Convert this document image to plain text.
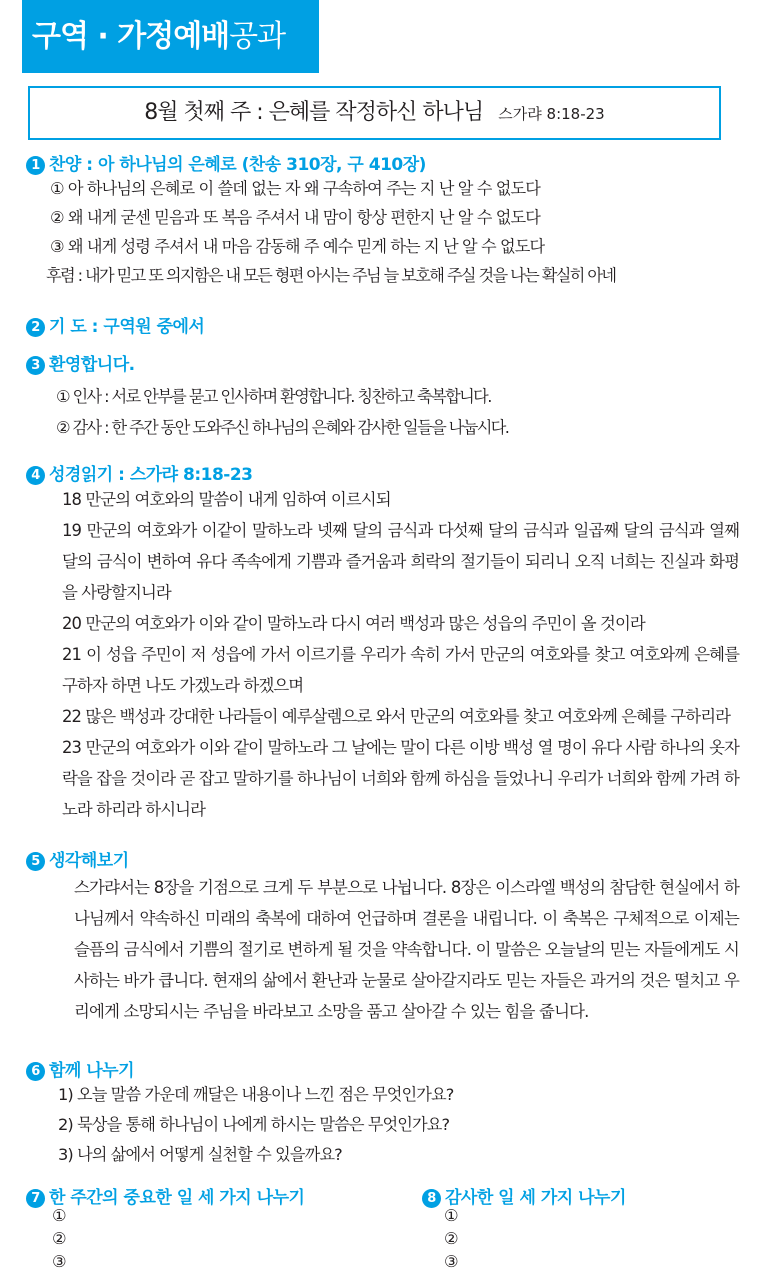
구역 · 가정예배공과
8월 첫째 주 : 은혜를 작정하신 하나님 스가랴 8:18-23
1 찬양 : 아 하나님의 은혜로 (찬송 310장, 구 410장)
① 아 하나님의 은혜로 이 쓸데 없는 자 왜 구속하여 주는 지 난 알 수 없도다
② 왜 내게 굳센 믿음과 또 복음 주셔서 내 맘이 항상 편한지 난 알 수 없도다
③ 왜 내게 성령 주셔서 내 마음 감동해 주 예수 믿게 하는 지 난 알 수 없도다
후렴 : 내가 믿고 또 의지함은 내 모든 형편 아시는 주님 늘 보호해 주실 것을 나는 확실히 아네
2 기 도 : 구역원 중에서
3 환영합니다.
① 인사 : 서로 안부를 묻고 인사하며 환영합니다. 칭찬하고 축복합니다.
② 감사 : 한 주간 동안 도와주신 하나님의 은혜와 감사한 일들을 나눕시다.
4 성경읽기 : 스가랴 8:18-23
18 만군의 여호와의 말씀이 내게 임하여 이르시되
19 만군의 여호와가 이같이 말하노라 넷째 달의 금식과 다섯째 달의 금식과 일곱째 달의 금식과 열째 달의 금식이 변하여 유다 족속에게 기쁨과 즐거움과 희락의 절기들이 되리니 오직 너희는 진실과 화평을 사랑할지니라
20 만군의 여호와가 이와 같이 말하노라 다시 여러 백성과 많은 성읍의 주민이 올 것이라
21 이 성읍 주민이 저 성읍에 가서 이르기를 우리가 속히 가서 만군의 여호와를 찾고 여호와께 은혜를 구하자 하면 나도 가겠노라 하겠으며
22 많은 백성과 강대한 나라들이 예루살렘으로 와서 만군의 여호와를 찾고 여호와께 은혜를 구하리라
23 만군의 여호와가 이와 같이 말하노라 그 날에는 말이 다른 이방 백성 열 명이 유다 사람 하나의 옷자락을 잡을 것이라 곧 잡고 말하기를 하나님이 너희와 함께 하심을 들었나니 우리가 너희와 함께 가려 하노라 하리라 하시니라
5 생각해보기
스가랴서는 8장을 기점으로 크게 두 부분으로 나뉩니다. 8장은 이스라엘 백성의 참담한 현실에서 하나님께서 약속하신 미래의 축복에 대하여 언급하며 결론을 내립니다. 이 축복은 구체적으로 이제는 슬픔의 금식에서 기쁨의 절기로 변하게 될 것을 약속합니다. 이 말씀은 오늘날의 믿는 자들에게도 시사하는 바가 큽니다. 현재의 삶에서 환난과 눈물로 살아갈지라도 믿는 자들은 과거의 것은 떨치고 우리에게 소망되시는 주님을 바라보고 소망을 품고 살아갈 수 있는 힘을 줍니다.
6 함께 나누기
1) 오늘 말씀 가운데 깨달은 내용이나 느낀 점은 무엇인가요?
2) 묵상을 통해 하나님이 나에게 하시는 말씀은 무엇인가요?
3) 나의 삶에서 어떻게 실천할 수 있을까요?
7 한 주간의 중요한 일 세 가지 나누기
①
②
③
8 감사한 일 세 가지 나누기
①
②
③
